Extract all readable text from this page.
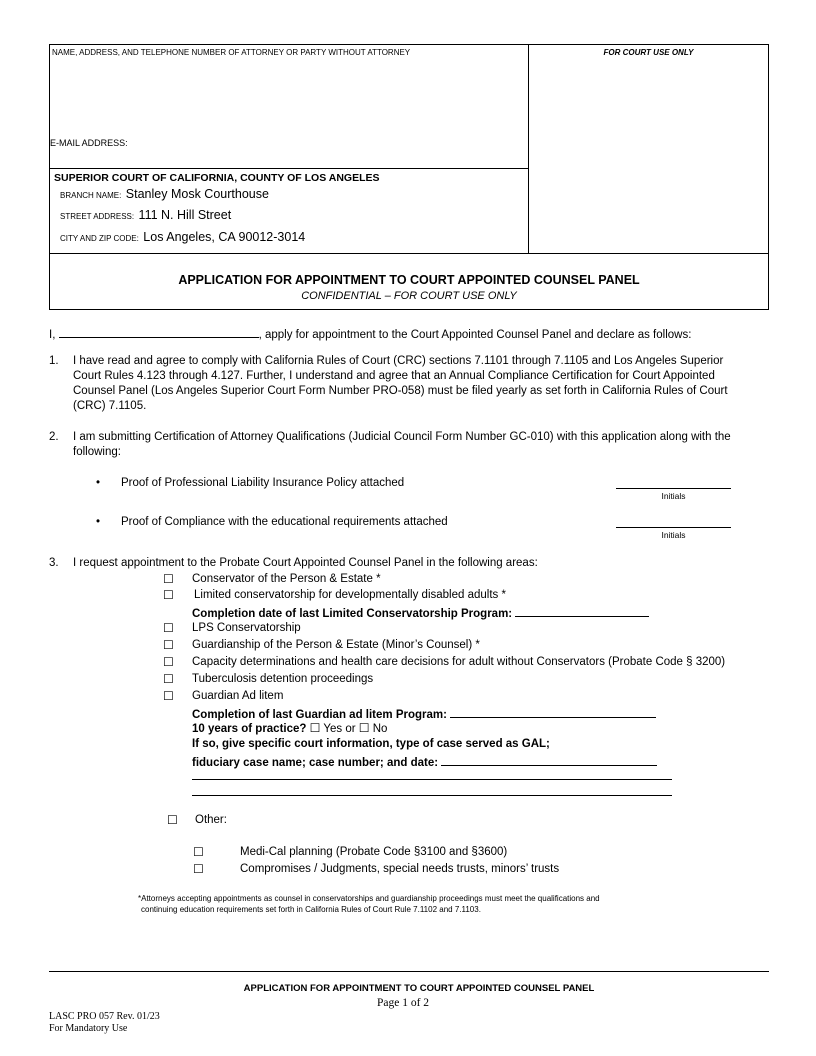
NAME, ADDRESS, AND TELEPHONE NUMBER OF ATTORNEY OR PARTY WITHOUT ATTORNEY	FOR COURT USE ONLY
E-MAIL ADDRESS:
SUPERIOR COURT OF CALIFORNIA, COUNTY OF LOS ANGELES
BRANCH NAME: Stanley Mosk Courthouse
STREET ADDRESS: 111 N. Hill Street
CITY AND ZIP CODE: Los Angeles, CA 90012-3014
APPLICATION FOR APPOINTMENT TO COURT APPOINTED COUNSEL PANEL
CONFIDENTIAL – FOR COURT USE ONLY
I,	, apply for appointment to the Court Appointed Counsel Panel and declare as follows:
1. I have read and agree to comply with California Rules of Court (CRC) sections 7.1101 through 7.1105 and Los Angeles Superior
Court Rules 4.123 through 4.127. Further, I understand and agree that an Annual Compliance Certification for Court Appointed
Counsel Panel (Los Angeles Superior Court Form Number PRO-058) must be filed yearly as set forth in California Rules of Court
(CRC) 7.1105.
2. I am submitting Certification of Attorney Qualifications (Judicial Council Form Number GC-010) with this application along with the
following:
• Proof of Professional Liability Insurance Policy attached
Initials
• Proof of Compliance with the educational requirements attached
Initials
3. I request appointment to the Probate Court Appointed Counsel Panel in the following areas:
☐ Conservator of the Person & Estate *
☐ Limited conservatorship for developmentally disabled adults *
Completion date of last Limited Conservatorship Program:
☐ LPS Conservatorship
☐ Guardianship of the Person & Estate (Minor’s Counsel) *
☐ Capacity determinations and health care decisions for adult without Conservators (Probate Code § 3200)
☐ Tuberculosis detention proceedings
☐ Guardian Ad litem
Completion of last Guardian ad litem Program:
10 years of practice? ☐ Yes or ☐ No
If so, give specific court information, type of case served as GAL;
fiduciary case name; case number; and date:
☐ Other:
☐	Medi-Cal planning (Probate Code §3100 and §3600)
☐	Compromises / Judgments, special needs trusts, minors’ trusts
*Attorneys accepting appointments as counsel in conservatorships and guardianship proceedings must meet the qualifications and
continuing education requirements set forth in California Rules of Court Rule 7.1102 and 7.1103.
APPLICATION FOR APPOINTMENT TO COURT APPOINTED COUNSEL PANEL
Page 1 of 2
LASC PRO 057 Rev. 01/23
For Mandatory Use
